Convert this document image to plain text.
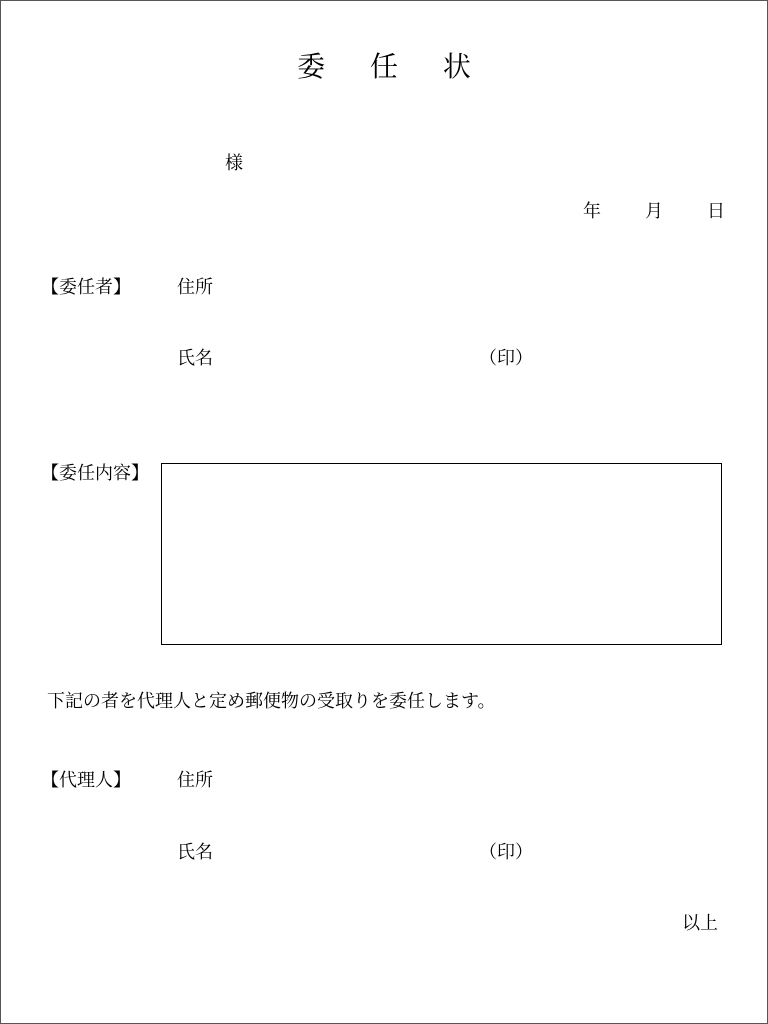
委 任 状
様
年 月 日
【委任者】	住所
氏名	（印）
【委任内容】
下記の者を代理人と定め郵便物の受取りを委任します。
【代理人】	住所
氏名	（印）
以上
